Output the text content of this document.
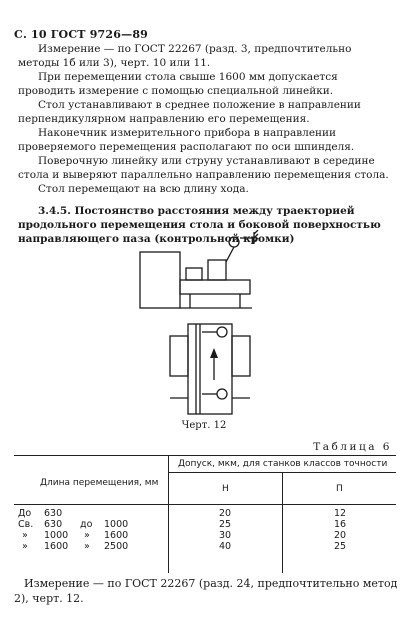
С. 10 ГОСТ 9726—89
Измерение — по ГОСТ 22267 (разд. 3, предпочтительно методы 1б или 3), черт. 10 или 11.
При перемещении стола свыше 1600 мм допускается проводить измерение с помощью специальной линейки.
Стол устанавливают в среднее положение в направлении перпендикулярном направлению его перемещения.
Наконечник измерительного прибора в направлении проверяемого перемещения располагают по оси шпинделя.
Поверочную линейку или струну устанавливают в середине стола и выверяют параллельно направлению перемещения стола.
Стол перемещают на всю длину хода.
3.4.5. Постоянство расстояния между траекторией продольного перемещения стола и боковой поверхностью направляющего паза (контрольной кромки)
Черт. 12
Таблица 6
Длина перемещения, мм
Допуск, мкм, для станков классов точности
Н	П
До 630	20	12
Св. 630 до 1000	25	16
» 1000 » 1600	30	20
» 1600 » 2500	40	25
Измерение — по ГОСТ 22267 (разд. 24, предпочтительно метод
2), черт. 12.
